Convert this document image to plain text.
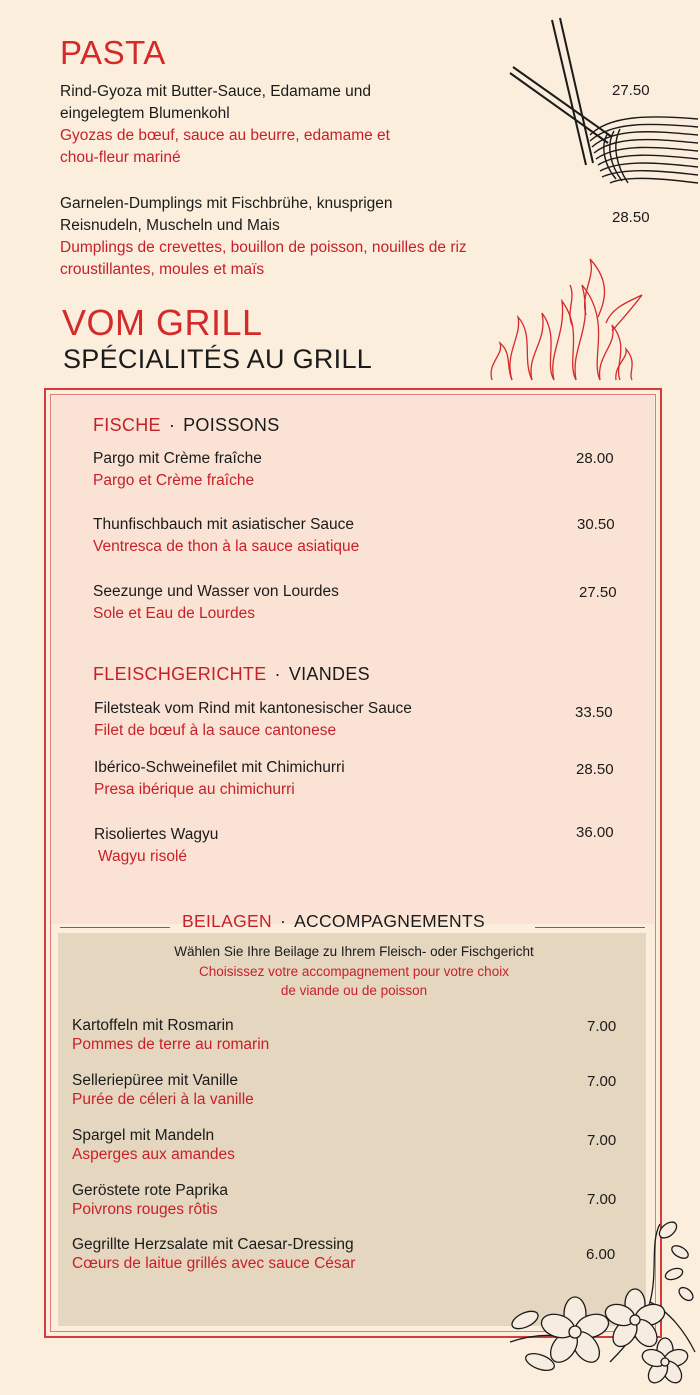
PASTA
Rind-Gyoza mit Butter-Sauce, Edamame und
eingelegtem Blumenkohl
Gyozas de bœuf, sauce au beurre, edamame et
chou-fleur mariné
27.50
Garnelen-Dumplings mit Fischbrühe, knusprigen
Reisnudeln, Muscheln und Mais
Dumplings de crevettes, bouillon de poisson, nouilles de riz
croustillantes, moules et maïs
28.50
VOM GRILL
SPÉCIALITÉS AU GRILL
FISCHE · POISSONS
Pargo mit Crème fraîche
Pargo et Crème fraîche
28.00
Thunfischbauch mit asiatischer Sauce
Ventresca de thon à la sauce asiatique
30.50
Seezunge und Wasser von Lourdes
Sole et Eau de Lourdes
27.50
FLEISCHGERICHTE · VIANDES
Filetsteak vom Rind mit kantonesischer Sauce
Filet de bœuf à la sauce cantonese
33.50
Ibérico-Schweinefilet mit Chimichurri
Presa ibérique au chimichurri
28.50
Risoliertes Wagyu
Wagyu risolé
36.00
BEILAGEN · ACCOMPAGNEMENTS
Wählen Sie Ihre Beilage zu Ihrem Fleisch- oder Fischgericht
Choisissez votre accompagnement pour votre choix
de viande ou de poisson
Kartoffeln mit Rosmarin
Pommes de terre au romarin
7.00
Selleriepüree mit Vanille
Purée de céleri à la vanille
7.00
Spargel mit Mandeln
Asperges aux amandes
7.00
Geröstete rote Paprika
Poivrons rouges rôtis
7.00
Gegrillte Herzsalate mit Caesar-Dressing
Cœurs de laitue grillés avec sauce César
6.00
